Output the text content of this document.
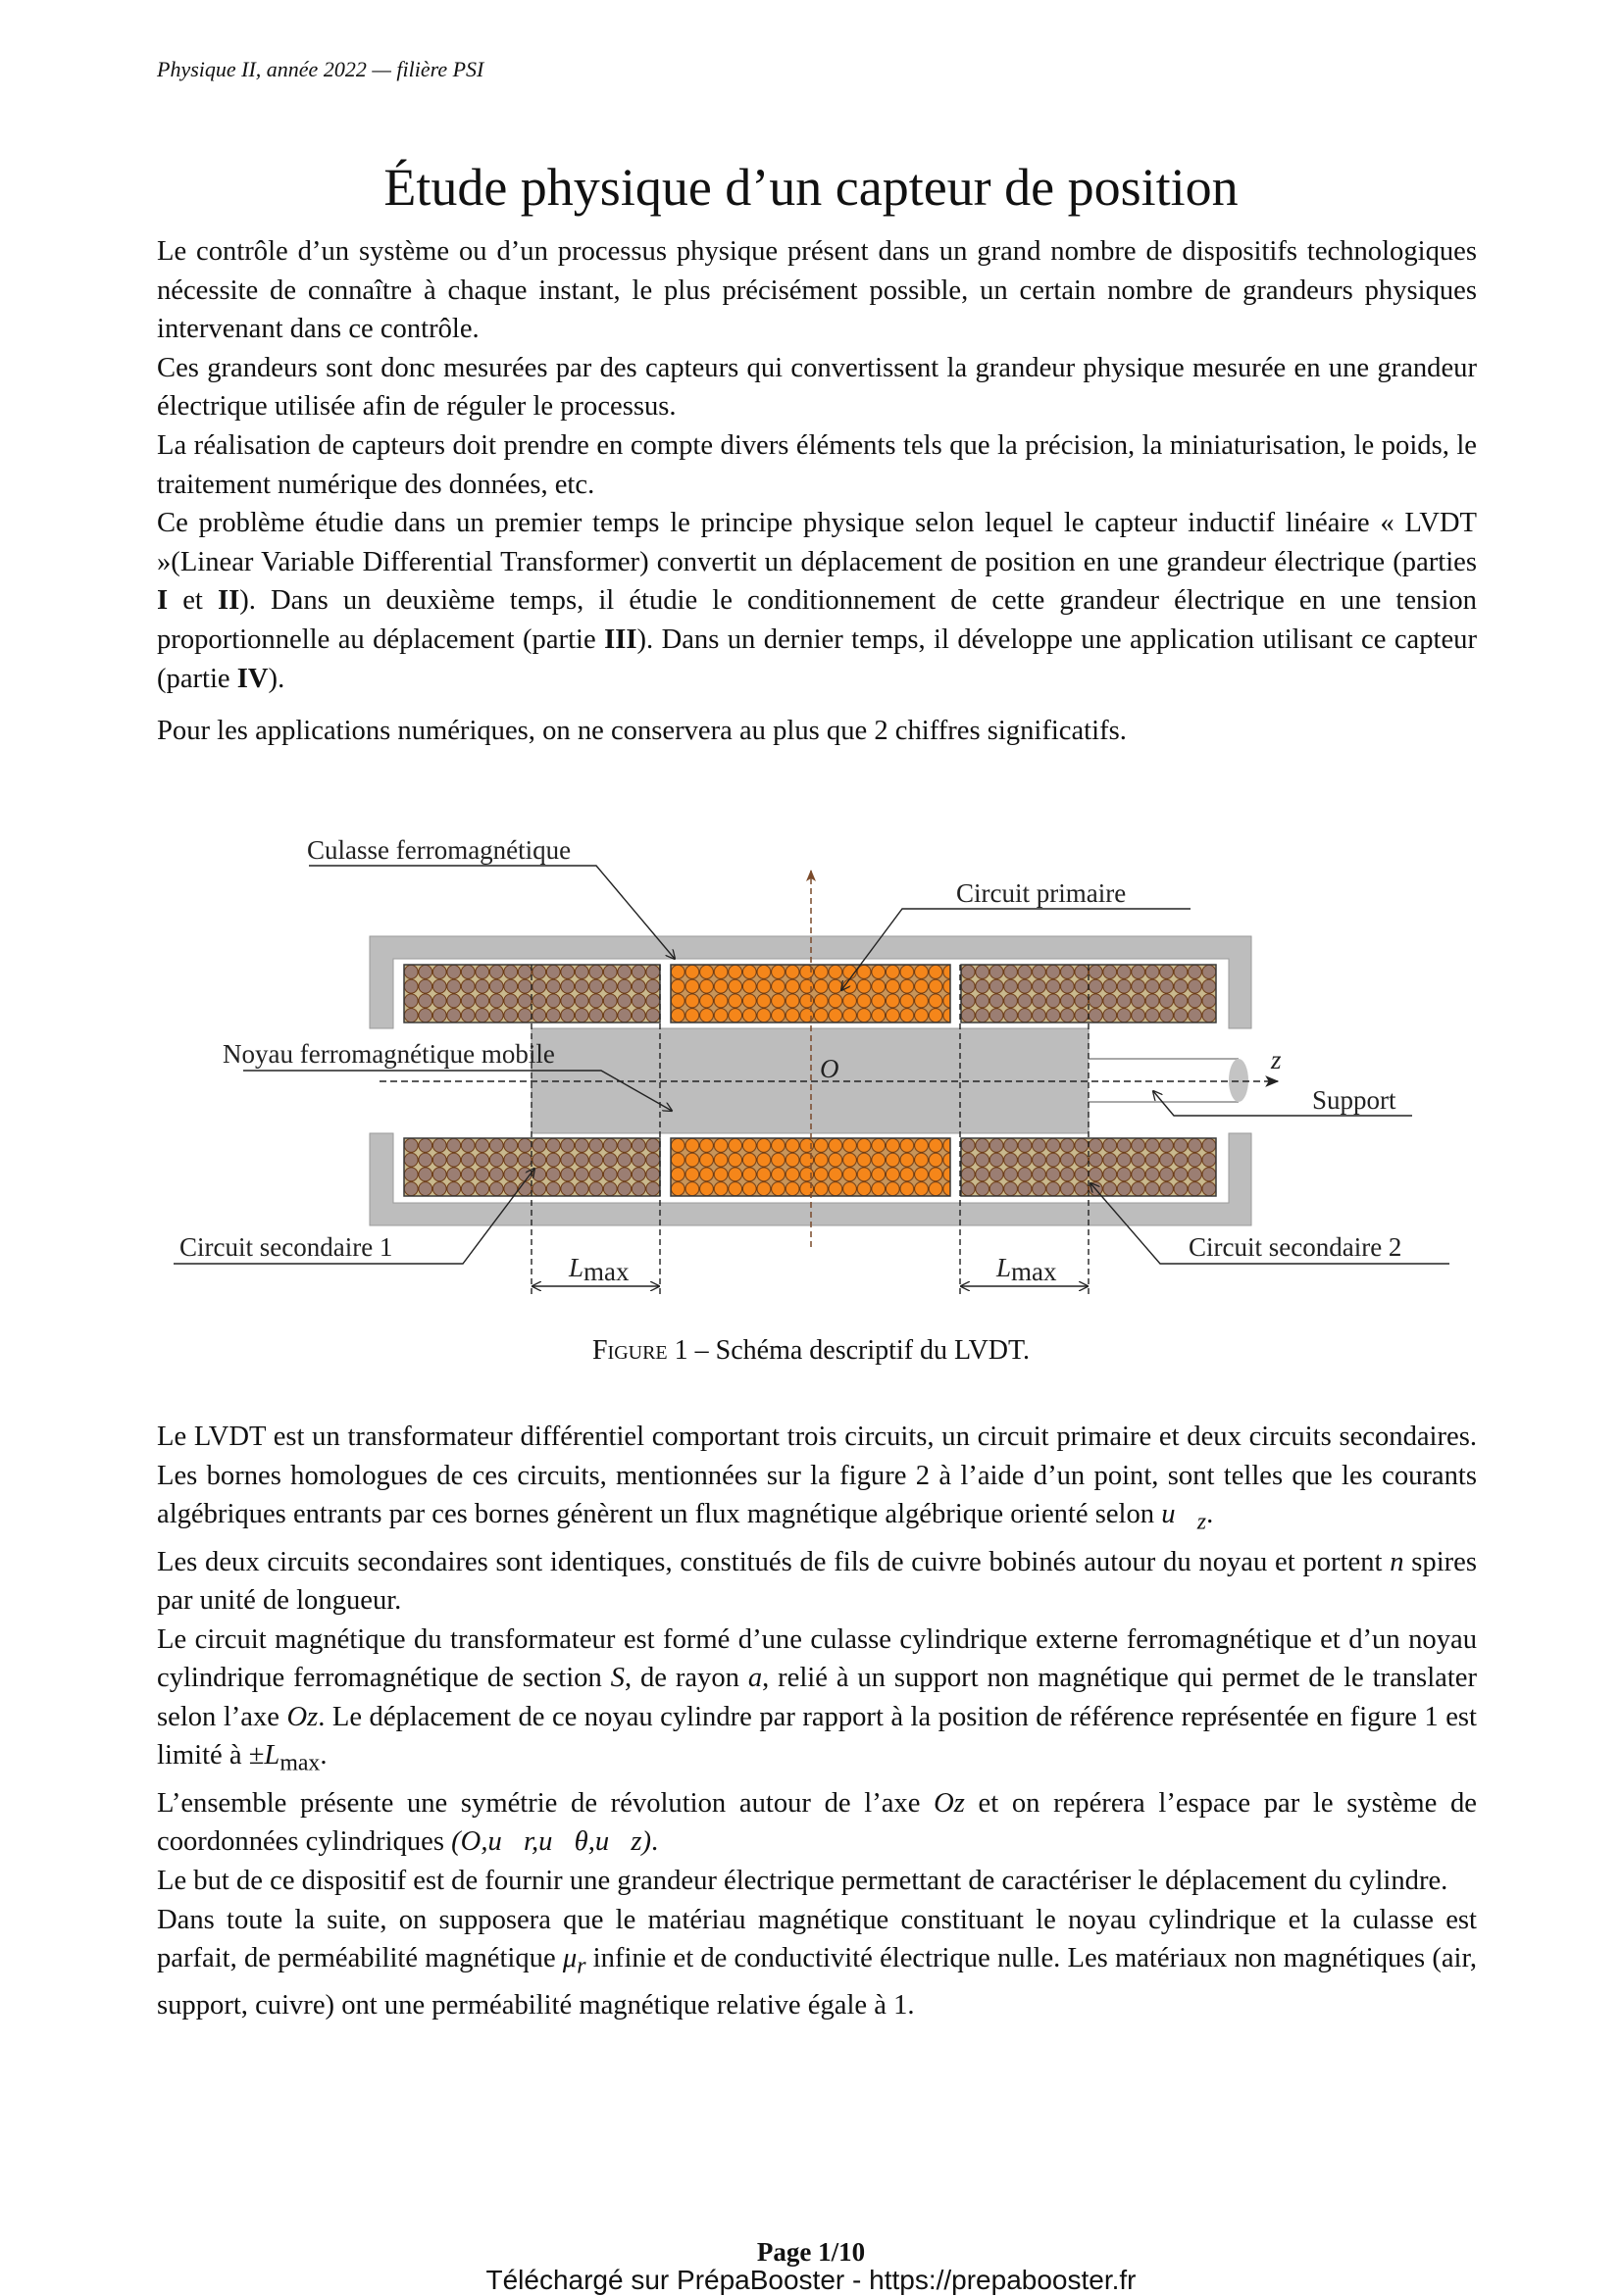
Physique II, année 2022 — filière PSI
Étude physique d’un capteur de position

Le contrôle d’un système ou d’un processus physique présent dans un grand nombre de dispositifs technologiques nécessite de connaître à chaque instant, le plus précisément possible, un certain nombre de grandeurs physiques intervenant dans ce contrôle.

Ces grandeurs sont donc mesurées par des capteurs qui convertissent la grandeur physique mesurée en une grandeur électrique utilisée afin de réguler le processus.

La réalisation de capteurs doit prendre en compte divers éléments tels que la précision, la miniaturisation, le poids, le traitement numérique des données, etc.

Ce problème étudie dans un premier temps le principe physique selon lequel le capteur inductif linéaire « LVDT »(Linear Variable Differential Transformer) convertit un déplacement de position en une grandeur électrique (parties I et II). Dans un deuxième temps, il étudie le conditionnement de cette grandeur électrique en une tension proportionnelle au déplacement (partie III). Dans un dernier temps, il développe une application utilisant ce capteur (partie IV).

Pour les applications numériques, on ne conservera au plus que 2 chiffres significatifs.

Culasse ferromagnétique
Circuit primaire
Noyau ferromagnétique mobile	O	z
Support
Circuit secondaire 1	Circuit secondaire 2
Lmax	Lmax
Figure 1 – Schéma descriptif du LVDT.

Le LVDT est un transformateur différentiel comportant trois circuits, un circuit primaire et deux circuits secondaires. Les bornes homologues de ces circuits, mentionnées sur la figure 2 à l’aide d’un point, sont telles que les courants algébriques entrants par ces bornes génèrent un flux magnétique algébrique orienté selon $u⃗_z$.

Les deux circuits secondaires sont identiques, constitués de fils de cuivre bobinés autour du noyau et portent n spires par unité de longueur.

Le circuit magnétique du transformateur est formé d’une culasse cylindrique externe ferromagnétique et d’un noyau cylindrique ferromagnétique de section S, de rayon a, relié à un support non magnétique qui permet de le translater selon l’axe Oz. Le déplacement de ce noyau cylindre par rapport à la position de référence représentée en figure 1 est limité à $\pm L_{max}$.

L’ensemble présente une symétrie de révolution autour de l’axe Oz et on repérera l’espace par le système de coordonnées cylindriques (O,u⃗r,u⃗θ,u⃗z).

Le but de ce dispositif est de fournir une grandeur électrique permettant de caractériser le déplacement du cylindre.

Dans toute la suite, on supposera que le matériau magnétique constituant le noyau cylindrique et la culasse est parfait, de perméabilité magnétique $\mu_r$ infinie et de conductivité électrique nulle. Les matériaux non magnétiques (air, support, cuivre) ont une perméabilité magnétique relative égale à 1.

Page 1/10
Téléchargé sur PrépaBooster - https://prepabooster.fr
